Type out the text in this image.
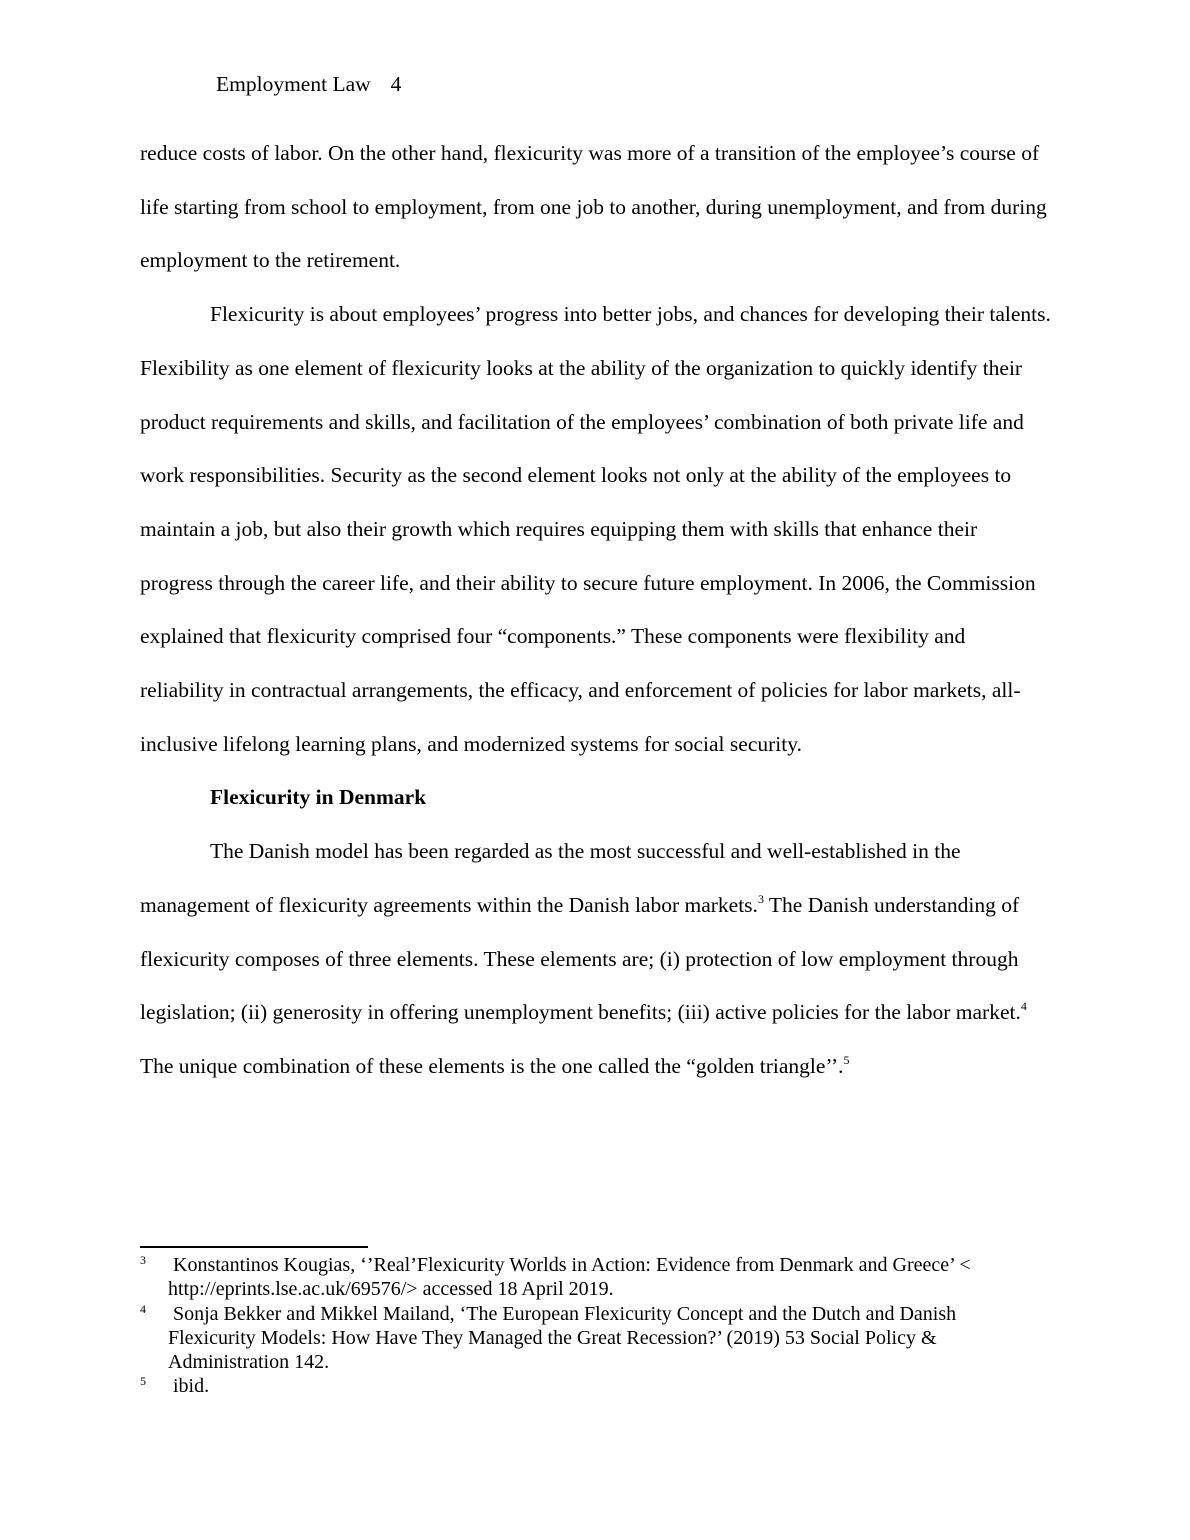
Employment Law 4

reduce costs of labor. On the other hand, flexicurity was more of a transition of the employee’s course of life starting from school to employment, from one job to another, during unemployment, and from during employment to the retirement.

Flexicurity is about employees’ progress into better jobs, and chances for developing their talents. Flexibility as one element of flexicurity looks at the ability of the organization to quickly identify their product requirements and skills, and facilitation of the employees’ combination of both private life and work responsibilities. Security as the second element looks not only at the ability of the employees to maintain a job, but also their growth which requires equipping them with skills that enhance their progress through the career life, and their ability to secure future employment. In 2006, the Commission explained that flexicurity comprised four “components.” These components were flexibility and reliability in contractual arrangements, the efficacy, and enforcement of policies for labor markets, all-inclusive lifelong learning plans, and modernized systems for social security.

Flexicurity in Denmark

The Danish model has been regarded as the most successful and well-established in the management of flexicurity agreements within the Danish labor markets.$^3$ The Danish understanding of flexicurity composes of three elements. These elements are; (i) protection of low employment through legislation; (ii) generosity in offering unemployment benefits; (iii) active policies for the labor market.$^4$ The unique combination of these elements is the one called the “golden triangle’’.$^5$

3 Konstantinos Kougias, ‘’Real’Flexicurity Worlds in Action: Evidence from Denmark and Greece’ <
http://eprints.lse.ac.uk/69576/> accessed 18 April 2019.
4 Sonja Bekker and Mikkel Mailand, ‘The European Flexicurity Concept and the Dutch and Danish
Flexicurity Models: How Have They Managed the Great Recession?’ (2019) 53 Social Policy &
Administration 142.
5 ibid.
